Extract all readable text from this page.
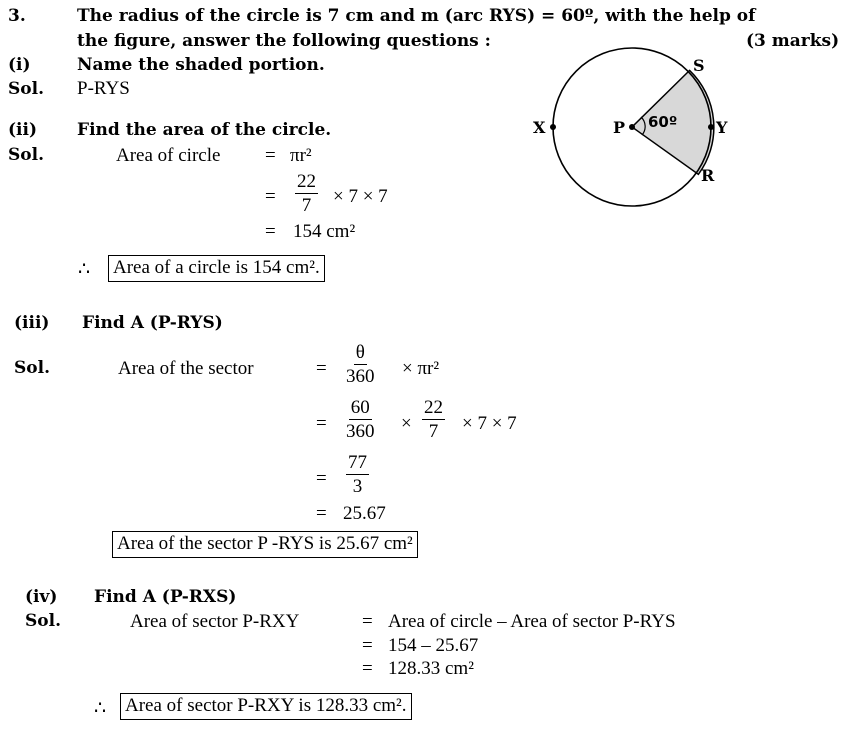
3.	The radius of the circle is 7 cm and m (arc RYS) = 60º, with the help of
the figure, answer the following questions :	(3 marks)
(i)	Name the shaded portion.
Sol. P-RYS
S
X	P	Y
R
60º
(ii) Find the area of the circle.
Sol.	Area of circle = πr²
= $\frac{22}{7} \times 7 \times 7$
= 154 cm²
∴ Area of a circle is 154 cm².
(iii) Find A (P-RYS)
Sol.	Area of the sector	= $\frac{\theta}{360} \times \pi r^2$
= $\frac{60}{360} \times \frac{22}{7} \times 7 \times 7$
= $\frac{77}{3}$
= 25.67
Area of the sector P -RYS is 25.67 cm²
(iv) Find A (P-RXS)
Sol.	Area of sector P-RXY	= Area of circle – Area of sector P-RYS
= 154 – 25.67
= 128.33 cm²
∴ Area of sector P-RXY is 128.33 cm².
